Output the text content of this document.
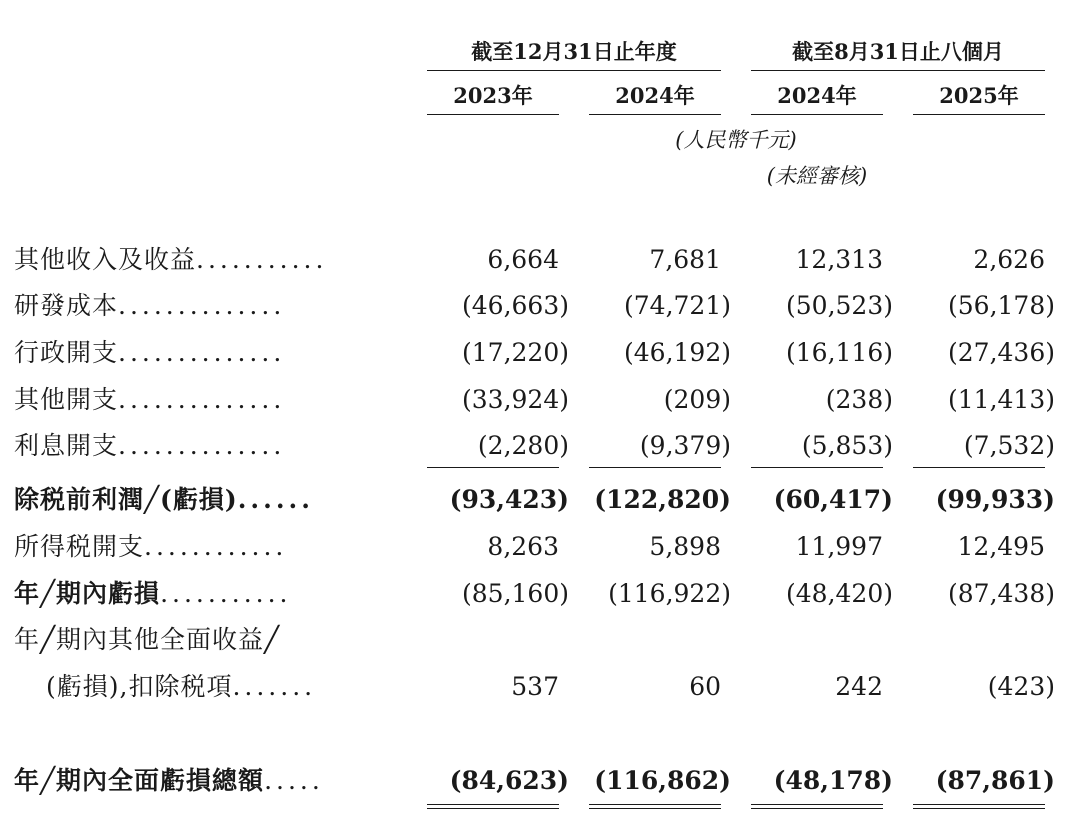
截至12月31日止年度	截至8月31日止八個月
2023年	2024年	2024年	2025年
(人民幣千元)
(未經審核)
其他收入及收益...........	6,664	7,681	12,313	2,626
研發成本..............	(46,663)	(74,721)	(50,523)	(56,178)
行政開支..............	(17,220)	(46,192)	(16,116)	(27,436)
其他開支..............	(33,924)	(209)	(238)	(11,413)
利息開支..............	(2,280)	(9,379)	(5,853)	(7,532)
除税前利潤╱(虧損)......	(93,423) (122,820)	(60,417)	(99,933)
所得税開支............	8,263	5,898	11,997	12,495
年╱期內虧損...........	(85,160)	(116,922)	(48,420)	(87,438)
年╱期內其他全面收益╱
(虧損),扣除税項.......	537	60	242	(423)
年╱期內全面虧損總額.....	(84,623) (116,862)	(48,178)	(87,861)
